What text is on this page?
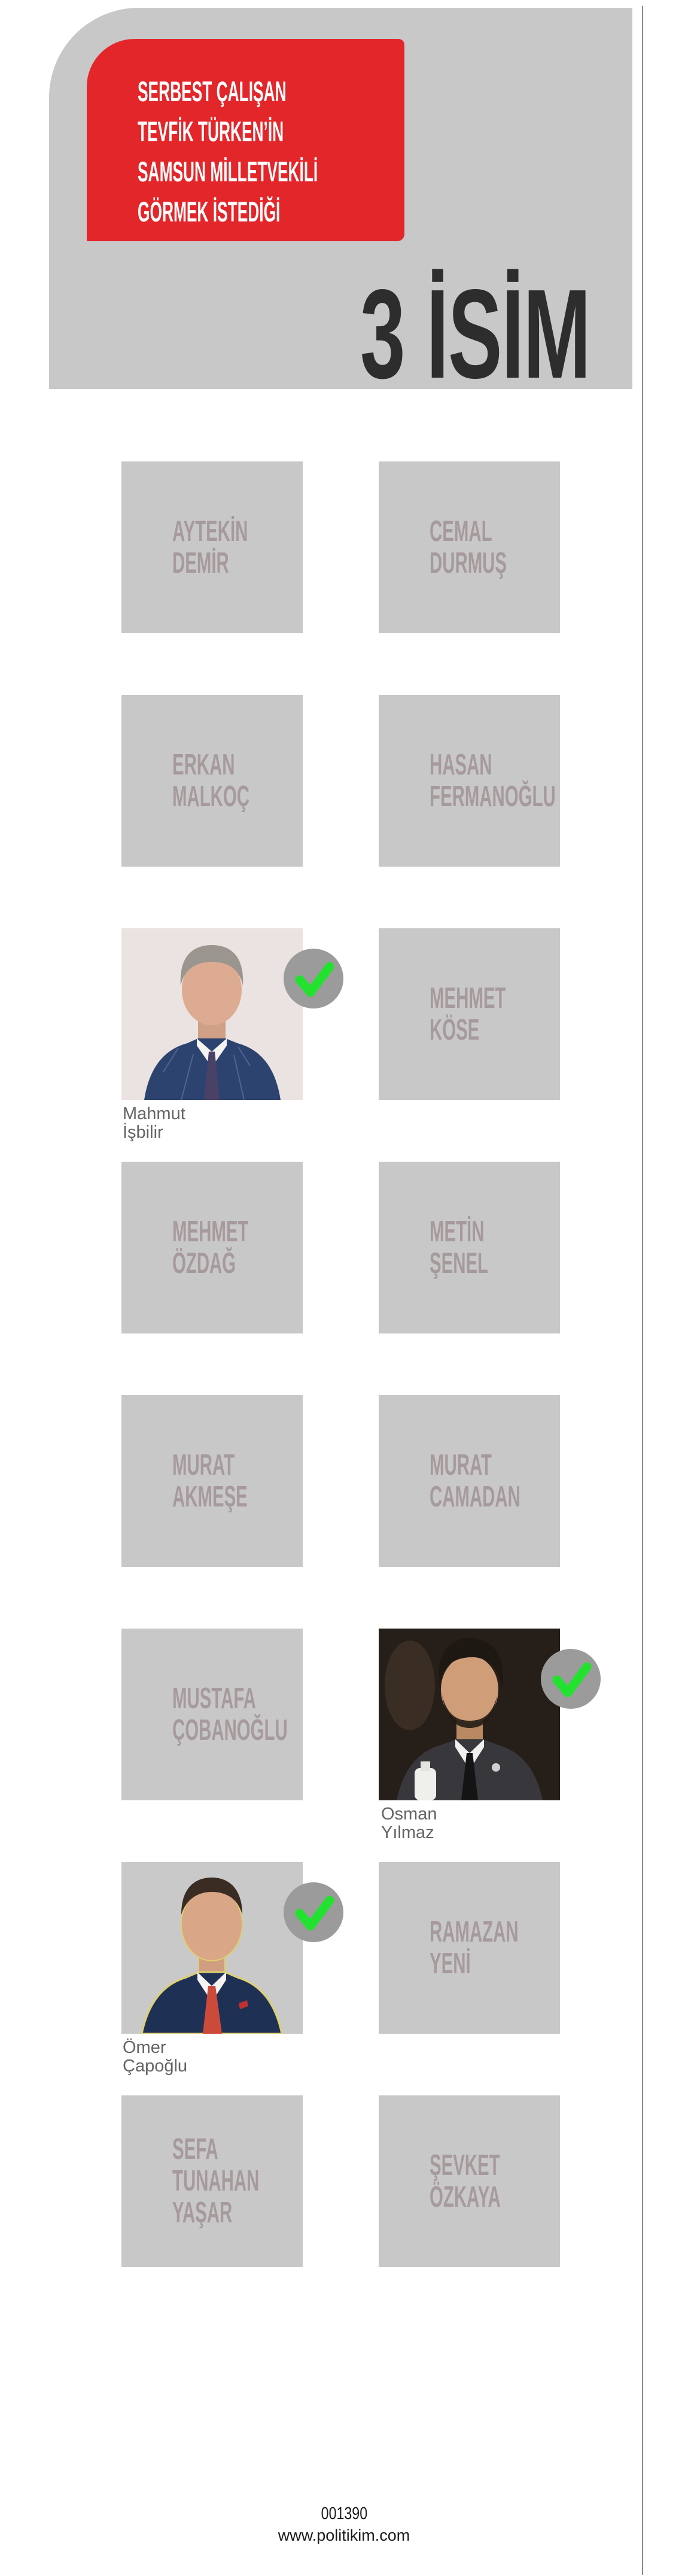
SERBEST ÇALIŞAN
TEVFİK TÜRKEN’İN
SAMSUN MİLLETVEKİLİ
GÖRMEK İSTEDİĞİ
3 İSİM
AYTEKİN
DEMİR
CEMAL
DURMUŞ
ERKAN
MALKOÇ
HASAN
FERMANOĞLU
Mahmut
İşbilir
MEHMET
KÖSE
MEHMET
ÖZDAĞ
METİN
ŞENEL
MURAT
AKMEŞE
MURAT
CAMADAN
MUSTAFA
ÇOBANOĞLU
Osman
Yılmaz
Ömer
Çapoğlu
RAMAZAN
YENİ
SEFA
TUNAHAN
YAŞAR
ŞEVKET
ÖZKAYA
001390
www.politikim.com
